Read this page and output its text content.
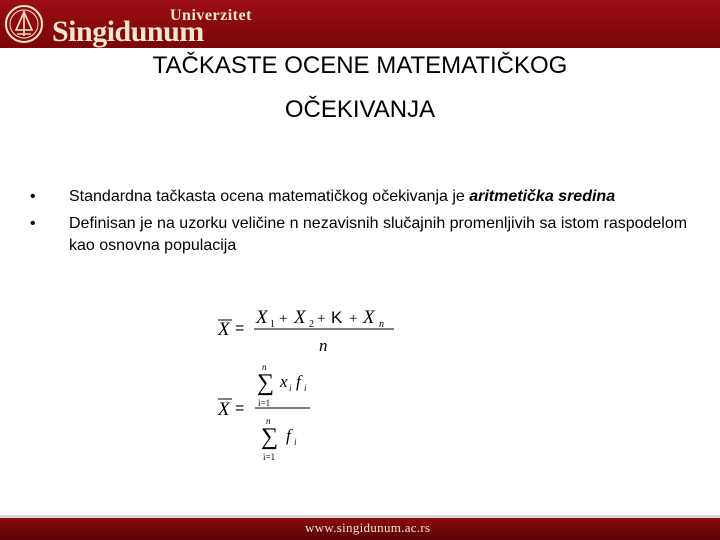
Univerzitet
Singidunum
TAČKASTE OCENE MATEMATIČKOG
OČEKIVANJA
• Standardna tačkasta ocena matematičkog očekivanja je aritmetička sredina
• Definisan je na uzorku veličine n nezavisnih slučajnih promenljivih sa istom raspodelom kao osnovna populacija
X =
X 1 + X 2 + K + X n
n
X =
n
∑
i=1
x i f i
n
∑
i=1
f i
www.singidunum.ac.rs
